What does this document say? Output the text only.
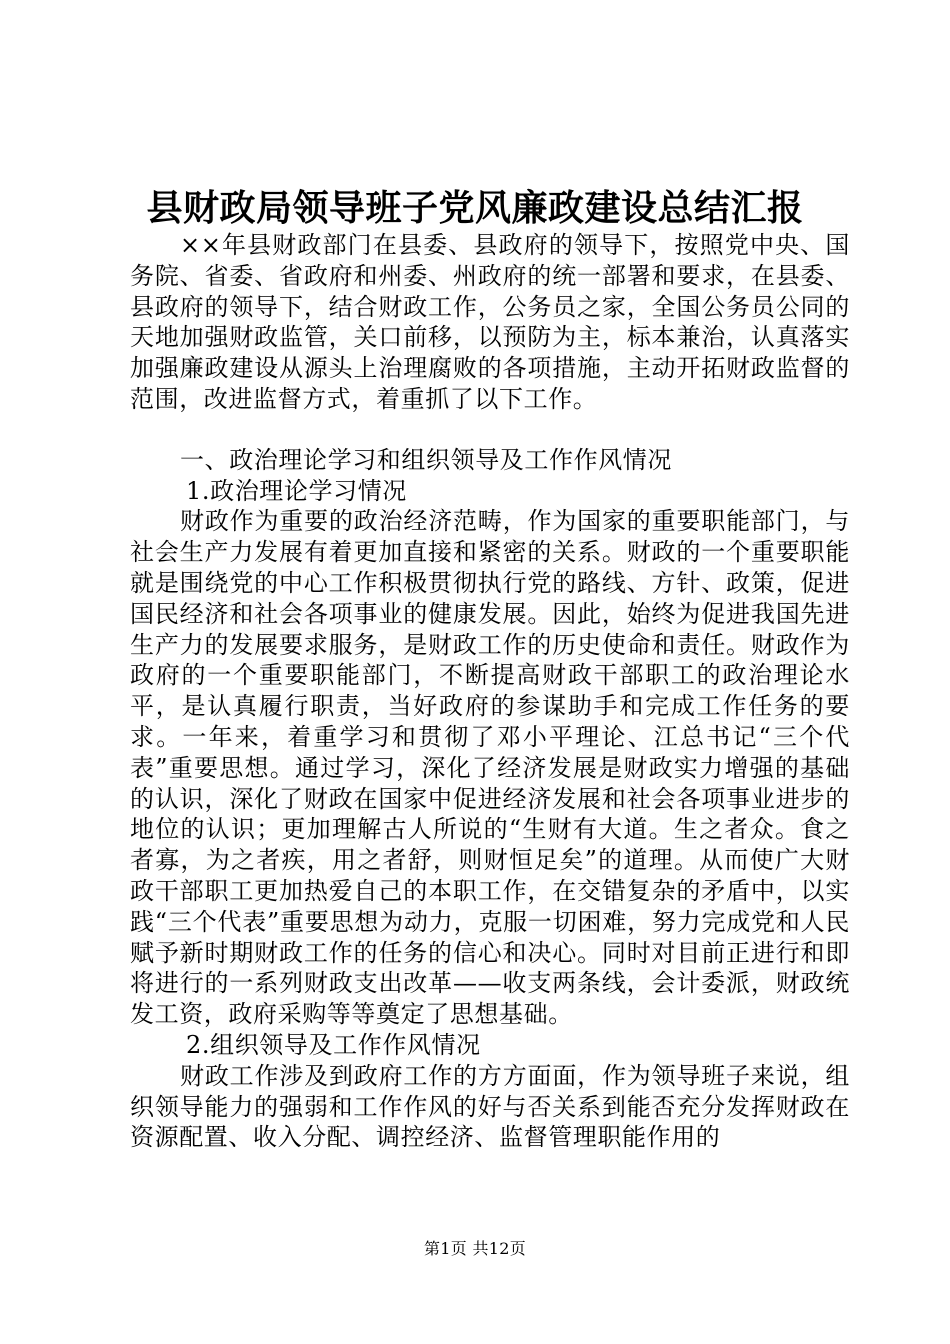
县财政局领导班子党风廉政建设总结汇报

××年县财政部门在县委、县政府的领导下，按照党中央、国务院、省委、省政府和州委、州政府的统一部署和要求，在县委、县政府的领导下，结合财政工作，公务员之家，全国公务员公同的天地加强财政监管，关口前移，以预防为主，标本兼治，认真落实加强廉政建设从源头上治理腐败的各项措施，主动开拓财政监督的范围，改进监督方式，着重抓了以下工作。

一、政治理论学习和组织领导及工作作风情况

1.政治理论学习情况

财政作为重要的政治经济范畴，作为国家的重要职能部门，与社会生产力发展有着更加直接和紧密的关系。财政的一个重要职能就是围绕党的中心工作积极贯彻执行党的路线、方针、政策，促进国民经济和社会各项事业的健康发展。因此，始终为促进我国先进生产力的发展要求服务，是财政工作的历史使命和责任。财政作为政府的一个重要职能部门，不断提高财政干部职工的政治理论水平，是认真履行职责，当好政府的参谋助手和完成工作任务的要求。一年来，着重学习和贯彻了邓小平理论、江总书记“三个代表”重要思想。通过学习，深化了经济发展是财政实力增强的基础的认识，深化了财政在国家中促进经济发展和社会各项事业进步的地位的认识；更加理解古人所说的“生财有大道。生之者众。食之者寡，为之者疾，用之者舒，则财恒足矣”的道理。从而使广大财政干部职工更加热爱自己的本职工作，在交错复杂的矛盾中，以实践“三个代表”重要思想为动力，克服一切困难，努力完成党和人民赋予新时期财政工作的任务的信心和决心。同时对目前正进行和即将进行的一系列财政支出改革——收支两条线，会计委派，财政统发工资，政府采购等等奠定了思想基础。

2.组织领导及工作作风情况

财政工作涉及到政府工作的方方面面，作为领导班子来说，组织领导能力的强弱和工作作风的好与否关系到能否充分发挥财政在资源配置、收入分配、调控经济、监督管理职能作用的

第1页 共12页
